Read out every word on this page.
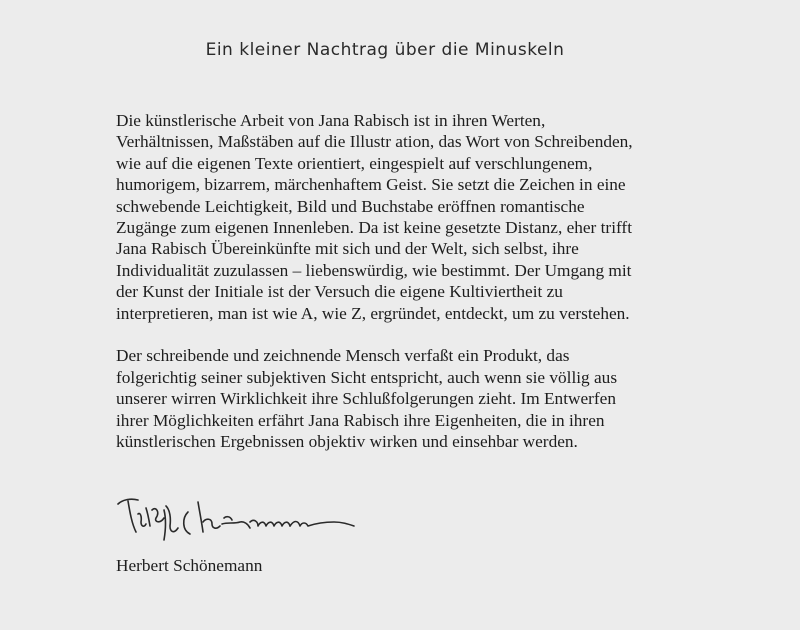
Ein kleiner Nachtrag über die Minuskeln

Die künstlerische Arbeit von Jana Rabisch ist in ihren Werten,
Verhältnissen, Maßstäben auf die Illustr ation, das Wort von Schreibenden,
wie auf die eigenen Texte orientiert, eingespielt auf verschlungenem,
humorigem, bizarrem, märchenhaftem Geist. Sie setzt die Zeichen in eine
schwebende Leichtigkeit, Bild und Buchstabe eröffnen romantische
Zugänge zum eigenen Innenleben. Da ist keine gesetzte Distanz, eher trifft
Jana Rabisch Übereinkünfte mit sich und der Welt, sich selbst, ihre
Individualität zuzulassen – liebenswürdig, wie bestimmt. Der Umgang mit
der Kunst der Initiale ist der Versuch die eigene Kultiviertheit zu
interpretieren, man ist wie A, wie Z, ergründet, entdeckt, um zu verstehen.

Der schreibende und zeichnende Mensch verfaßt ein Produkt, das
folgerichtig seiner subjektiven Sicht entspricht, auch wenn sie völlig aus
unserer wirren Wirklichkeit ihre Schlußfolgerungen zieht. Im Entwerfen
ihrer Möglichkeiten erfährt Jana Rabisch ihre Eigenheiten, die in ihren
künstlerischen Ergebnissen objektiv wirken und einsehbar werden.

Herbert Schönemann
